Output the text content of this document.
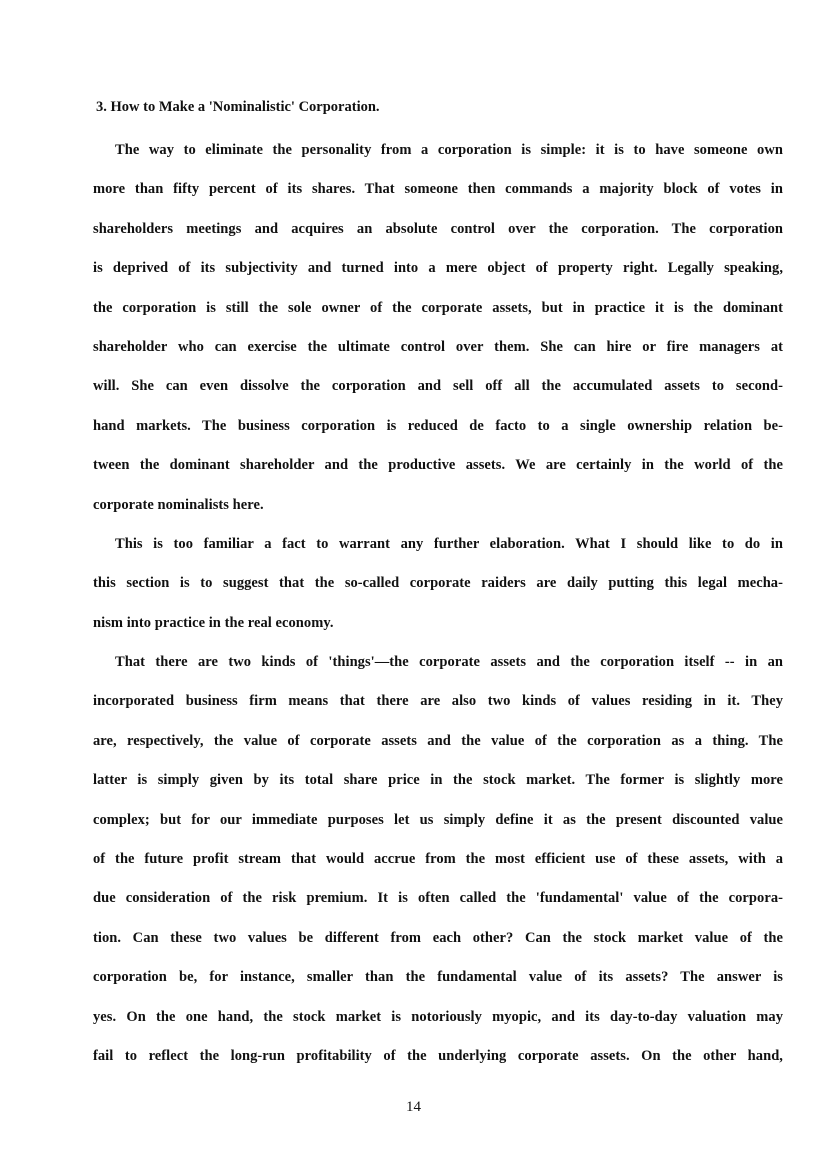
3. How to Make a 'Nominalistic' Corporation.
The way to eliminate the personality from a corporation is simple: it is to have someone own
more than fifty percent of its shares. That someone then commands a majority block of votes in
shareholders meetings and acquires an absolute control over the corporation. The corporation
is deprived of its subjectivity and turned into a mere object of property right. Legally speaking,
the corporation is still the sole owner of the corporate assets, but in practice it is the dominant
shareholder who can exercise the ultimate control over them. She can hire or fire managers at
will. She can even dissolve the corporation and sell off all the accumulated assets to second-
hand markets. The business corporation is reduced de facto to a single ownership relation be-
tween the dominant shareholder and the productive assets. We are certainly in the world of the
corporate nominalists here.
This is too familiar a fact to warrant any further elaboration. What I should like to do in
this section is to suggest that the so-called corporate raiders are daily putting this legal mecha-
nism into practice in the real economy.
That there are two kinds of 'things'—the corporate assets and the corporation itself -- in an
incorporated business firm means that there are also two kinds of values residing in it. They
are, respectively, the value of corporate assets and the value of the corporation as a thing. The
latter is simply given by its total share price in the stock market. The former is slightly more
complex; but for our immediate purposes let us simply define it as the present discounted value
of the future profit stream that would accrue from the most efficient use of these assets, with a
due consideration of the risk premium. It is often called the 'fundamental' value of the corpora-
tion. Can these two values be different from each other? Can the stock market value of the
corporation be, for instance, smaller than the fundamental value of its assets? The answer is
yes. On the one hand, the stock market is notoriously myopic, and its day-to-day valuation may
fail to reflect the long-run profitability of the underlying corporate assets. On the other hand,
14
